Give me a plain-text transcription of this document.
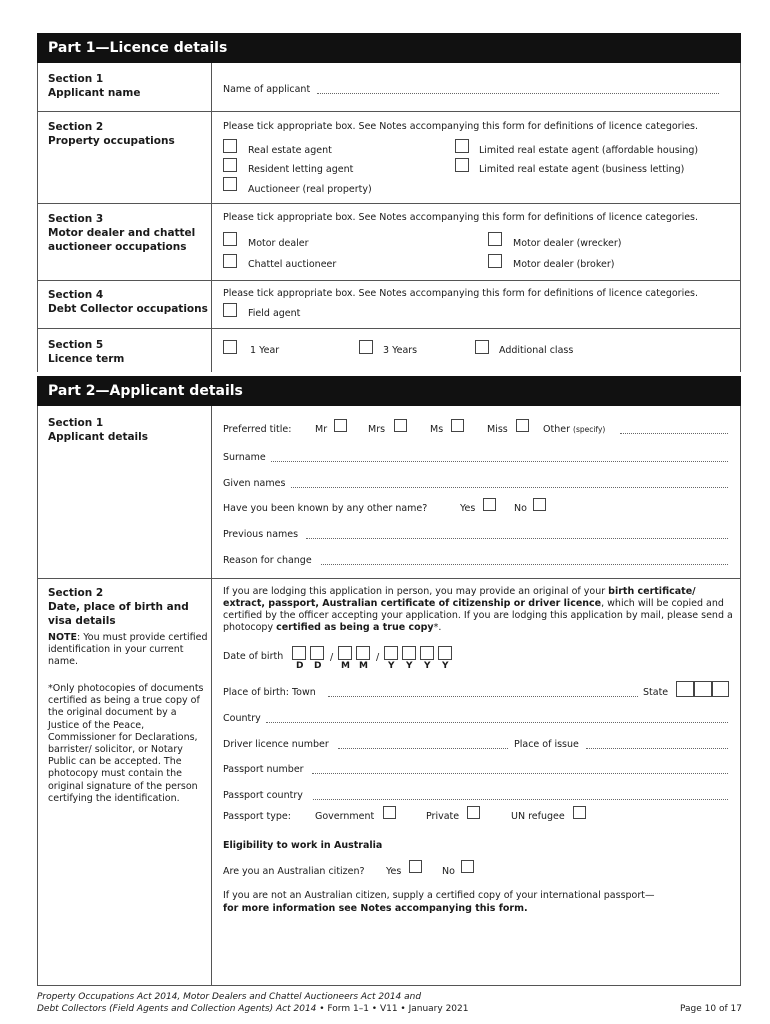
Part 1—Licence details
Section 1
Applicant name	Name of applicant
Section 2
Property occupations
Please tick appropriate box. See Notes accompanying this form for definitions of licence categories.
Real estate agent	Limited real estate agent (affordable housing)
Resident letting agent	Limited real estate agent (business letting)
Auctioneer (real property)
Section 3
Motor dealer and chattel auctioneer occupations
Please tick appropriate box. See Notes accompanying this form for definitions of licence categories.
Motor dealer	Motor dealer (wrecker)
Chattel auctioneer	Motor dealer (broker)
Section 4
Debt Collector occupations
Please tick appropriate box. See Notes accompanying this form for definitions of licence categories.
Field agent
Section 5
Licence term
1 Year	3 Years	Additional class
Part 2—Applicant details
Section 1
Applicant details
Preferred title: Mr	Mrs	Ms	Miss	Other (specify)
Surname
Given names
Have you been known by any other name?	Yes	No
Previous names
Reason for change
Section 2
Date, place of birth and visa details
NOTE: You must provide certified identification in your current name.
*Only photocopies of documents certified as being a true copy of the original document by a Justice of the Peace, Commissioner for Declarations, barrister/ solicitor, or Notary Public can be accepted. The photocopy must contain the original signature of the person certifying the identification.
If you are lodging this application in person, you may provide an original of your birth certificate/ extract, passport, Australian certificate of citizenship or driver licence, which will be copied and certified by the officer accepting your application. If you are lodging this application by mail, please send a photocopy certified as being a true copy*.
Date of birth	/	/
D D M M Y Y Y Y
Place of birth: Town	State
Country
Driver licence number	Place of issue
Passport number
Passport country
Passport type:	Government	Private	UN refugee
Eligibility to work in Australia
Are you an Australian citizen? Yes	No
If you are not an Australian citizen, supply a certified copy of your international passport—
for more information see Notes accompanying this form.
Property Occupations Act 2014, Motor Dealers and Chattel Auctioneers Act 2014 and
Debt Collectors (Field Agents and Collection Agents) Act 2014 • Form 1–1 • V11 • January 2021	Page 10 of 17
